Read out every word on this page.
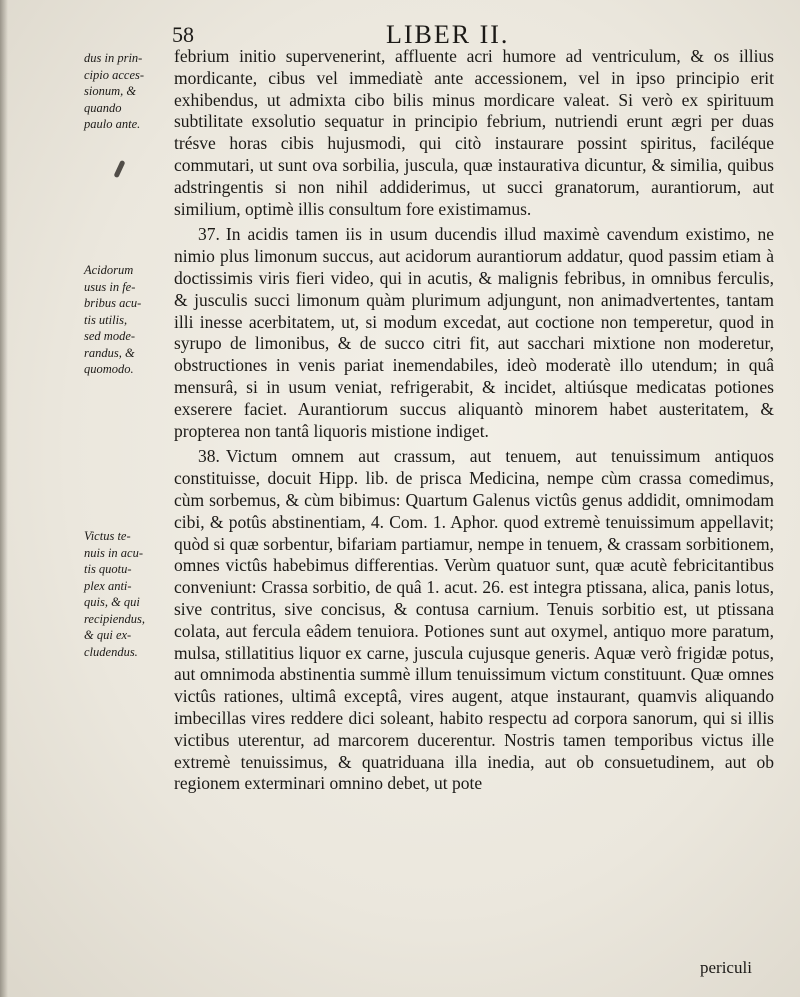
58	LIBER II.
dus in prin-
cipio acces-
sionum, &
quando
paulo ante.
Acidorum
usus in fe-
bribus acu-
tis utilis,
sed mode-
randus, &
quomodo.
Victus te-
nuis in acu-
tis quotu-
plex anti-
quis, & qui
recipiendus,
& qui ex-
cludendus.

febrium initio supervenerint, affluente acri humore ad ventriculum, & os illius mordicante, cibus vel immediatè ante accessionem, vel in ipso principio erit exhibendus, ut admixta cibo bilis minus mordicare valeat. Si verò ex spirituum subtilitate exsolutio sequatur in principio febrium, nutriendi erunt ægri per duas trésve horas cibis hujusmodi, qui citò instaurare possint spiritus, faciléque commutari, ut sunt ova sorbilia, juscula, quæ instaurativa dicuntur, & similia, quibus adstringentis si non nihil addiderimus, ut succi granatorum, aurantiorum, aut similium, optimè illis consultum fore existimamus.

37. In acidis tamen iis in usum ducendis illud maximè cavendum existimo, ne nimio plus limonum succus, aut acidorum aurantiorum addatur, quod passim etiam à doctissimis viris fieri video, qui in acutis, & malignis febribus, in omnibus ferculis, & jusculis succi limonum quàm plurimum adjungunt, non animadvertentes, tantam illi inesse acerbitatem, ut, si modum excedat, aut coctione non temperetur, quod in syrupo de limonibus, & de succo citri fit, aut sacchari mixtione non moderetur, obstructiones in venis pariat inemendabiles, ideò moderatè illo utendum; in quâ mensurâ, si in usum veniat, refrigerabit, & incidet, altiúsque medicatas potiones exserere faciet. Aurantiorum succus aliquantò minorem habet austeritatem, & propterea non tantâ liquoris mistione indiget.

38. Victum omnem aut crassum, aut tenuem, aut tenuissimum antiquos constituisse, docuit Hipp. lib. de prisca Medicina, nempe cùm crassa comedimus, cùm sorbemus, & cùm bibimus: Quartum Galenus victûs genus addidit, omnimodam cibi, & potûs abstinentiam, 4. Com. 1. Aphor. quod extremè tenuissimum appellavit; quòd si quæ sorbentur, bifariam partiamur, nempe in tenuem, & crassam sorbitionem, omnes victûs habebimus differentias. Verùm quatuor sunt, quæ acutè febricitantibus conveniunt: Crassa sorbitio, de quâ 1. acut. 26. est integra ptissana, alica, panis lotus, sive contritus, sive concisus, & contusa carnium. Tenuis sorbitio est, ut ptissana colata, aut fercula eâdem tenuiora. Potiones sunt aut oxymel, antiquo more paratum, mulsa, stillatitius liquor ex carne, juscula cujusque generis. Aquæ verò frigidæ potus, aut omnimoda abstinentia summè illum tenuissimum victum constituunt. Quæ omnes victûs rationes, ultimâ exceptâ, vires augent, atque instaurant, quamvis aliquando imbecillas vires reddere dici soleant, habito respectu ad corpora sanorum, qui si illis victibus uterentur, ad marcorem ducerentur. Nostris tamen temporibus victus ille extremè tenuissimus, & quatriduana illa inedia, aut ob consuetudinem, aut ob regionem exterminari omnino debet, ut pote

periculi
